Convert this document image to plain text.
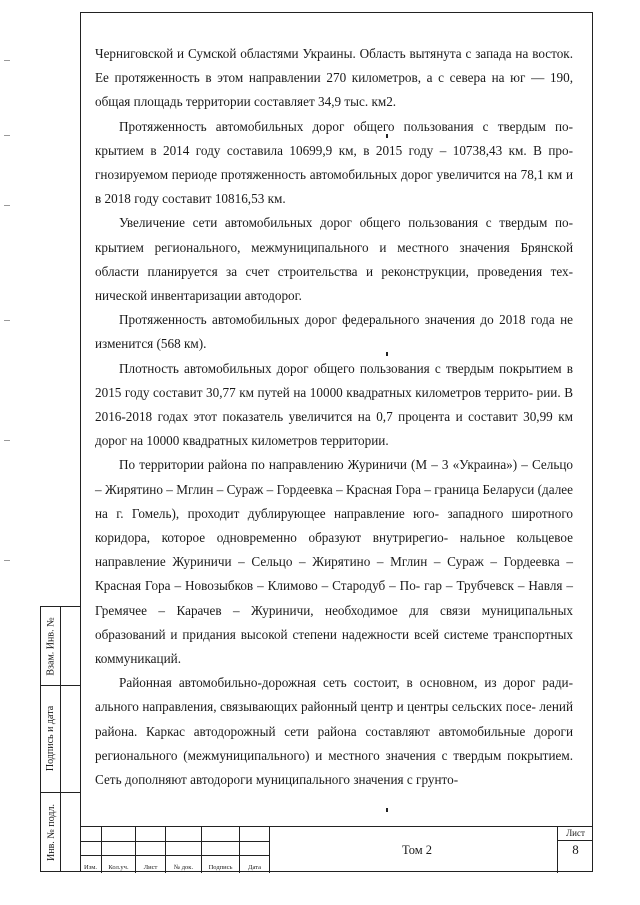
Взам. Инв. №
Подпись и дата
Инв. № подл.

Черниговской и Сумской областями Украины. Область вытянута с запада на восток. Ее протяженность в этом направлении 270 километров, а с севера на юг — 190, общая площадь территории составляет 34,9 тыс. км2.

Протяженность автомобильных дорог общего пользования с твердым по- крытием в 2014 году составила 10699,9 км, в 2015 году – 10738,43 км. В про- гнозируемом периоде протяженность автомобильных дорог увеличится на 78,1 км и в 2018 году составит 10816,53 км.

Увеличение сети автомобильных дорог общего пользования с твердым по- крытием регионального, межмуниципального и местного значения Брянской области планируется за счет строительства и реконструкции, проведения тех- нической инвентаризации автодорог.

Протяженность автомобильных дорог федерального значения до 2018 года не изменится (568 км).

Плотность автомобильных дорог общего пользования с твердым покрытием в 2015 году составит 30,77 км путей на 10000 квадратных километров террито- рии. В 2016-2018 годах этот показатель увеличится на 0,7 процента и составит 30,99 км дорог на 10000 квадратных километров территории.

По территории района по направлению Журиничи (М – 3 «Украина») – Сельцо – Жирятино – Мглин – Сураж – Гордеевка – Красная Гора – граница Беларуси (далее на г. Гомель), проходит дублирующее направление юго- западного широтного коридора, которое одновременно образуют внутрирегио- нальное кольцевое направление Журиничи – Сельцо – Жирятино – Мглин – Сураж – Гордеевка – Красная Гора – Новозыбков – Климово – Стародуб – По- гар – Трубчевск – Навля – Гремячее – Карачев – Журиничи, необходимое для связи муниципальных образований и придания высокой степени надежности всей системе транспортных коммуникаций.

Районная автомобильно-дорожная сеть состоит, в основном, из дорог ради- ального направления, связывающих районный центр и центры сельских посе- лений района. Каркас автодорожный сети района составляют автомобильные дороги регионального (межмуниципального) и местного значения с твердым покрытием. Сеть дополняют автодороги муниципального значения с грунто-

Изм.	Кол.уч.	Лист	№ док.	Подпись	Дата
Том 2
Лист
8
